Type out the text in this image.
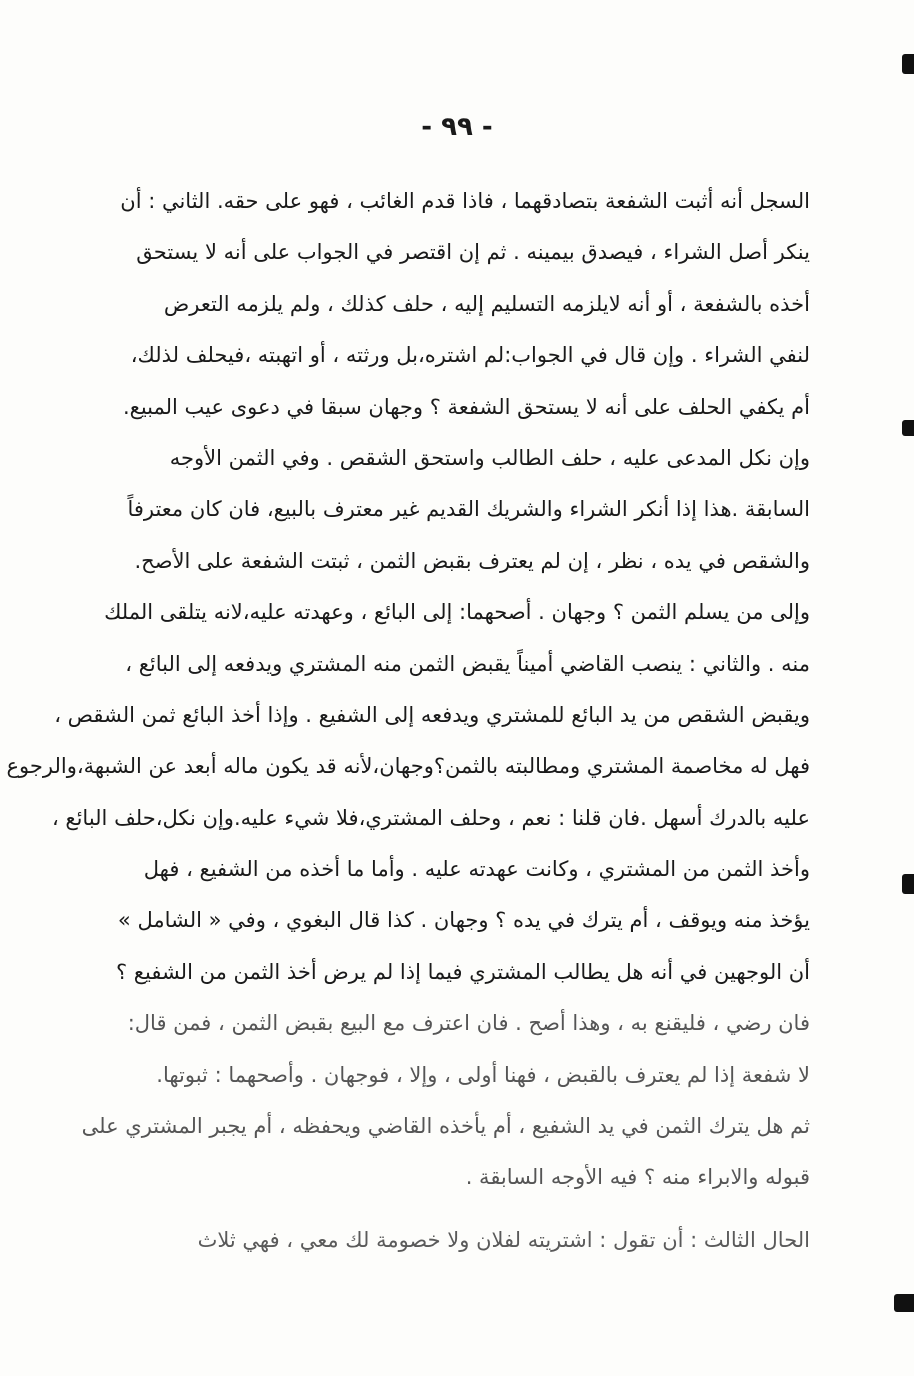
- ٩٩ -
السجل أنه أثبت الشفعة بتصادقهما ، فاذا قدم الغائب ، فهو على حقه. الثاني : أن
ينكر أصل الشراء ، فيصدق بيمينه . ثم إن اقتصر في الجواب على أنه لا يستحق
أخذه بالشفعة ، أو أنه لايلزمه التسليم إليه ، حلف كذلك ، ولم يلزمه التعرض
لنفي الشراء . وإن قال في الجواب:لم اشتره،بل ورثته ، أو اتهبته ،فيحلف لذلك،
أم يكفي الحلف على أنه لا يستحق الشفعة ؟ وجهان سبقا في دعوى عيب المبيع.
وإن نكل المدعى عليه ، حلف الطالب واستحق الشقص . وفي الثمن الأوجه
السابقة .هذا إذا أنكر الشراء والشريك القديم غير معترف بالبيع، فان كان معترفاً
والشقص في يده ، نظر ، إن لم يعترف بقبض الثمن ، ثبتت الشفعة على الأصح.
وإلى من يسلم الثمن ؟ وجهان . أصحهما: إلى البائع ، وعهدته عليه،لانه يتلقى الملك
منه . والثاني : ينصب القاضي أميناً يقبض الثمن منه المشتري ويدفعه إلى البائع ،
ويقبض الشقص من يد البائع للمشتري ويدفعه إلى الشفيع . وإذا أخذ البائع ثمن الشقص ،
فهل له مخاصمة المشتري ومطالبته بالثمن؟وجهان،لأنه قد يكون ماله أبعد عن الشبهة،والرجوع
عليه بالدرك أسهل .فان قلنا : نعم ، وحلف المشتري،فلا شيء عليه.وإن نكل،حلف البائع ،
وأخذ الثمن من المشتري ، وكانت عهدته عليه . وأما ما أخذه من الشفيع ، فهل
يؤخذ منه ويوقف ، أم يترك في يده ؟ وجهان . كذا قال البغوي ، وفي « الشامل »
أن الوجهين في أنه هل يطالب المشتري فيما إذا لم يرض أخذ الثمن من الشفيع ؟
فان رضي ، فليقنع به ، وهذا أصح . فان اعترف مع البيع بقبض الثمن ، فمن قال:
لا شفعة إذا لم يعترف بالقبض ، فهنا أولى ، وإلا ، فوجهان . وأصحهما : ثبوتها.
ثم هل يترك الثمن في يد الشفيع ، أم يأخذه القاضي ويحفظه ، أم يجبر المشتري على
قبوله والابراء منه ؟ فيه الأوجه السابقة .
الحال الثالث : أن تقول : اشتريته لفلان ولا خصومة لك معي ، فهي ثلاث
